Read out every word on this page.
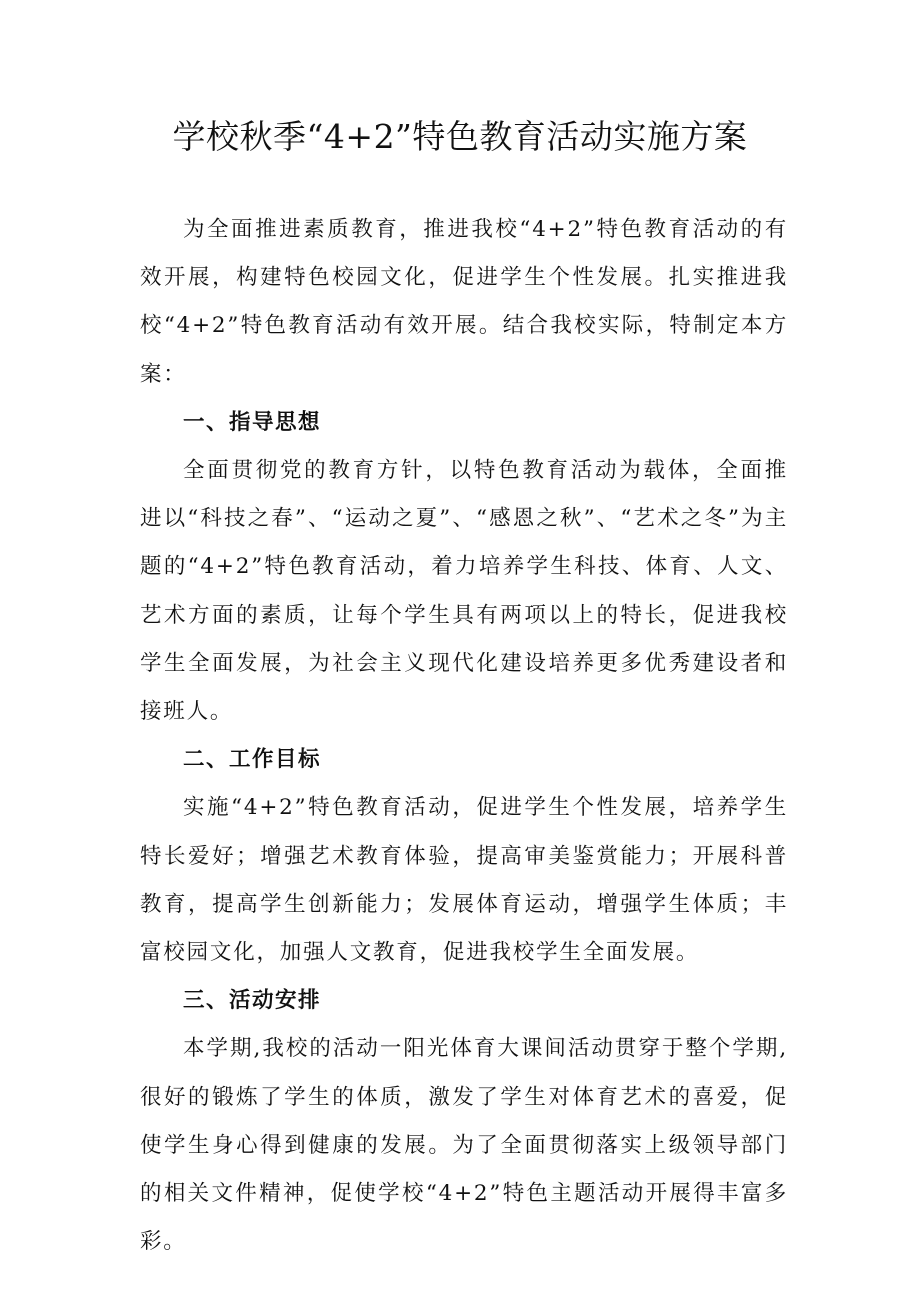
学校秋季“4+2”特色教育活动实施方案

为全面推进素质教育，推进我校“4+2”特色教育活动的有效开展，构建特色校园文化，促进学生个性发展。扎实推进我校“4+2”特色教育活动有效开展。结合我校实际，特制定本方案：

一、指导思想

全面贯彻党的教育方针，以特色教育活动为载体，全面推进以“科技之春”、“运动之夏”、“感恩之秋”、“艺术之冬”为主题的“4+2”特色教育活动，着力培养学生科技、体育、人文、艺术方面的素质，让每个学生具有两项以上的特长，促进我校学生全面发展，为社会主义现代化建设培养更多优秀建设者和接班人。

二、工作目标

实施“4+2”特色教育活动，促进学生个性发展，培养学生特长爱好；增强艺术教育体验，提高审美鉴赏能力；开展科普教育，提高学生创新能力；发展体育运动，增强学生体质；丰富校园文化，加强人文教育，促进我校学生全面发展。

三、活动安排

本学期,我校的活动一阳光体育大课间活动贯穿于整个学期,很好的锻炼了学生的体质，激发了学生对体育艺术的喜爱，促使学生身心得到健康的发展。为了全面贯彻落实上级领导部门的相关文件精神，促使学校“4+2”特色主题活动开展得丰富多彩。
